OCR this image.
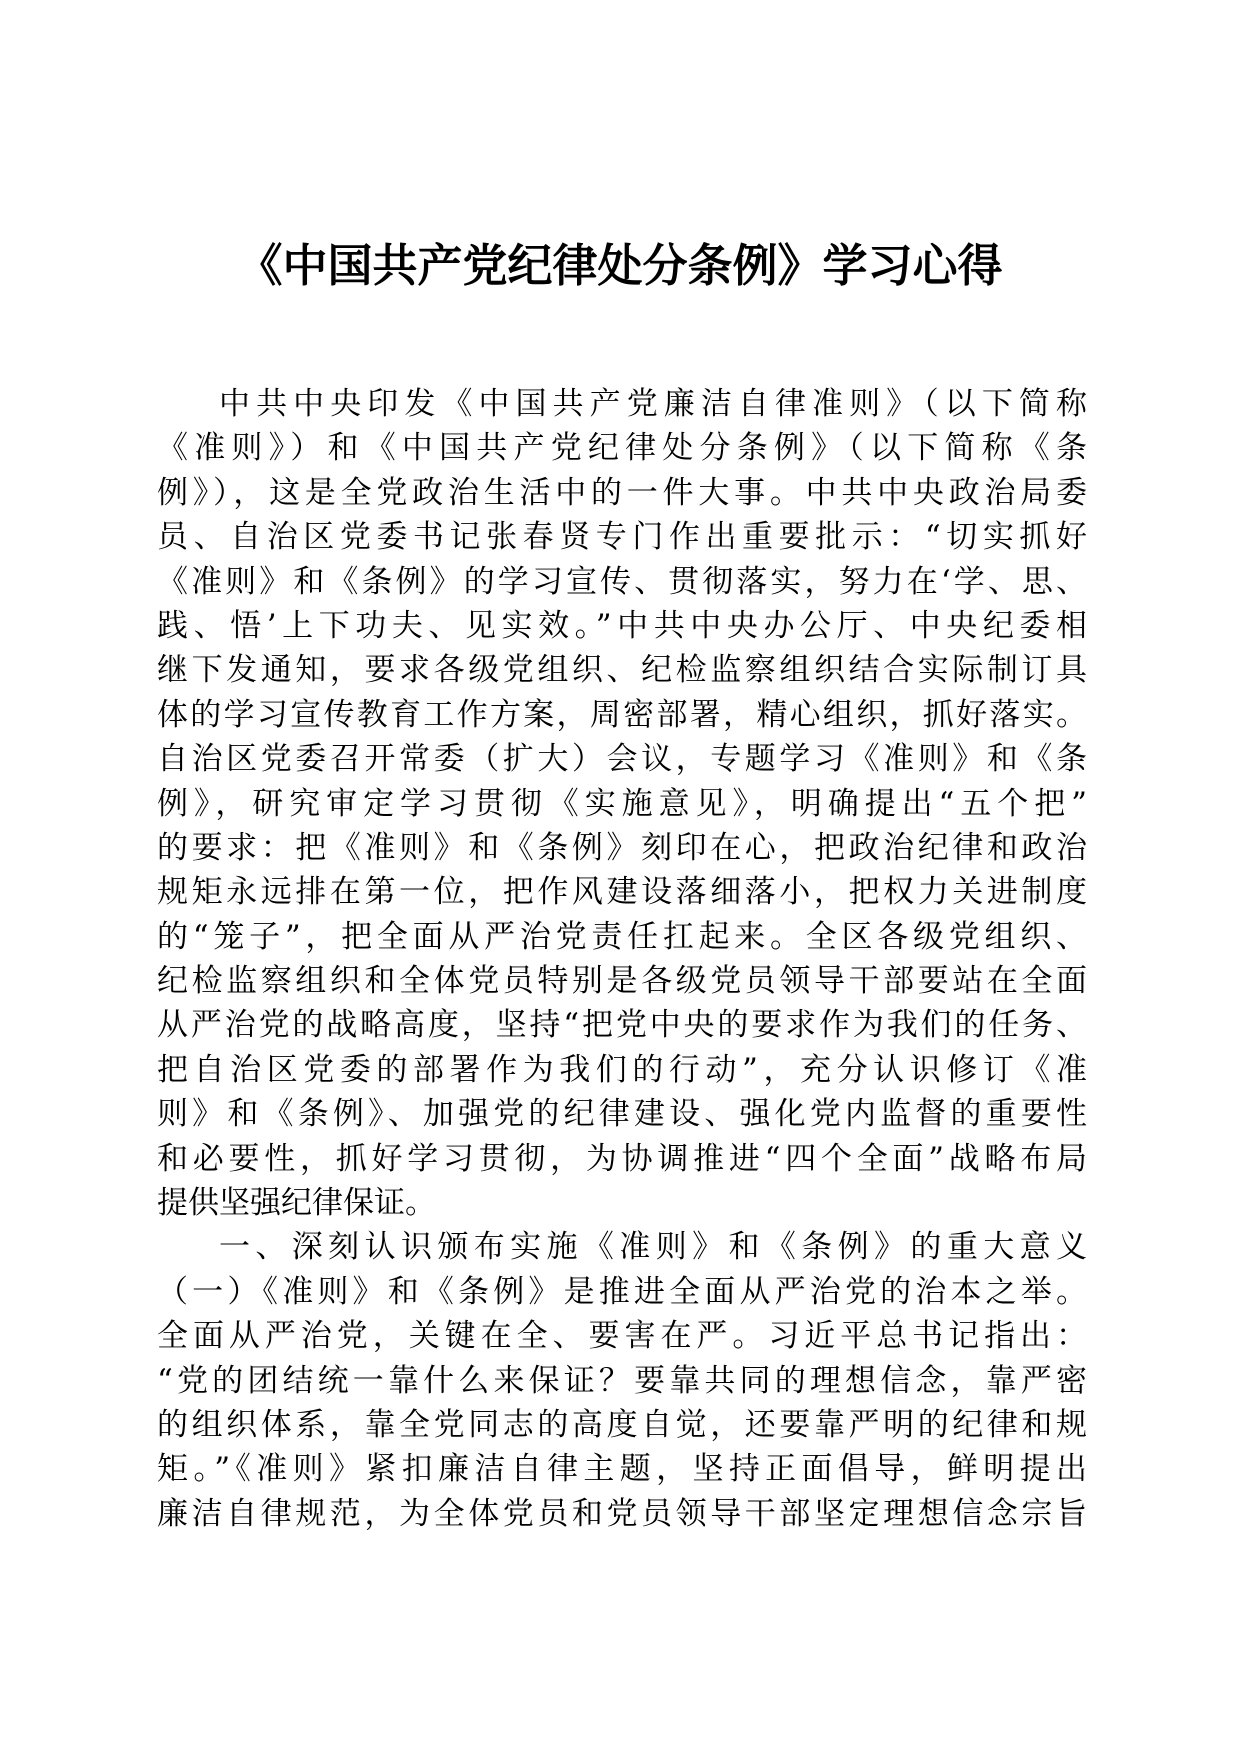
《中国共产党纪律处分条例》学习心得
中共中央印发《中国共产党廉洁自律准则》（以下简称
《准则》）和《中国共产党纪律处分条例》（以下简称《条
例》），这是全党政治生活中的一件大事。中共中央政治局委
员、自治区党委书记张春贤专门作出重要批示：“切实抓好
《准则》和《条例》的学习宣传、贯彻落实，努力在‘学、思、
践、悟’上下功夫、见实效。”中共中央办公厅、中央纪委相
继下发通知，要求各级党组织、纪检监察组织结合实际制订具
体的学习宣传教育工作方案，周密部署，精心组织，抓好落实。
自治区党委召开常委（扩大）会议，专题学习《准则》和《条
例》，研究审定学习贯彻《实施意见》，明确提出“五个把”
的要求：把《准则》和《条例》刻印在心，把政治纪律和政治
规矩永远排在第一位，把作风建设落细落小，把权力关进制度
的“笼子”，把全面从严治党责任扛起来。全区各级党组织、
纪检监察组织和全体党员特别是各级党员领导干部要站在全面
从严治党的战略高度，坚持“把党中央的要求作为我们的任务、
把自治区党委的部署作为我们的行动”，充分认识修订《准
则》和《条例》、加强党的纪律建设、强化党内监督的重要性
和必要性，抓好学习贯彻，为协调推进“四个全面”战略布局
提供坚强纪律保证。
一、深刻认识颁布实施《准则》和《条例》的重大意义
（一）《准则》和《条例》是推进全面从严治党的治本之举。
全面从严治党，关键在全、要害在严。习近平总书记指出：
“党的团结统一靠什么来保证？要靠共同的理想信念，靠严密
的组织体系，靠全党同志的高度自觉，还要靠严明的纪律和规
矩。”《准则》紧扣廉洁自律主题，坚持正面倡导，鲜明提出
廉洁自律规范，为全体党员和党员领导干部坚定理想信念宗旨
